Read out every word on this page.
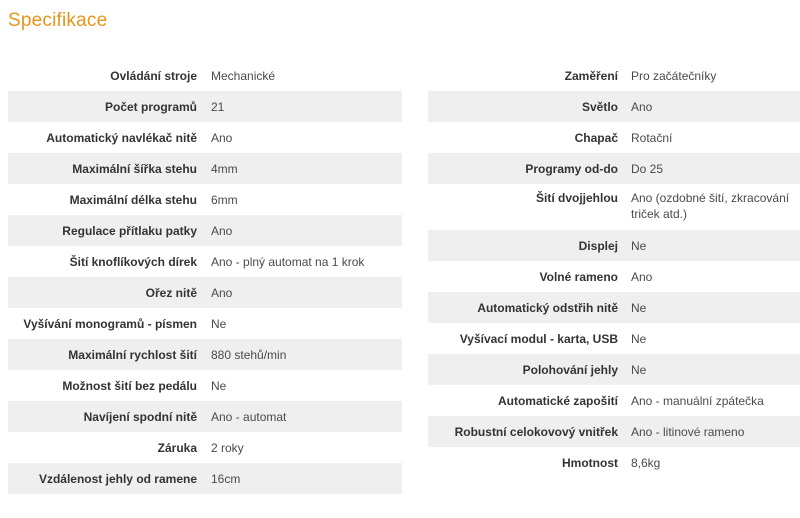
Specifikace
Ovládání stroje	Mechanické
Počet programů	21
Automatický navlékač nitě	Ano
Maximální šířka stehu	4mm
Maximální délka stehu	6mm
Regulace přítlaku patky	Ano
Šití knoflíkových dírek	Ano - plný automat na 1 krok
Ořez nitě	Ano
Vyšívání monogramů - písmen	Ne
Maximální rychlost šití	880 stehů/min
Možnost šití bez pedálu	Ne
Navíjení spodní nitě	Ano - automat
Záruka	2 roky
Vzdálenost jehly od ramene	16cm
Zaměření	Pro začátečníky
Světlo	Ano
Chapač	Rotační
Programy od-do	Do 25
Šití dvojjehlou	Ano (ozdobné šití, zkracování triček atd.)
Displej	Ne
Volné rameno	Ano
Automatický odstřih nitě	Ne
Vyšívací modul - karta, USB	Ne
Polohování jehly	Ne
Automatické zapošití	Ano - manuální zpátečka
Robustní celokovový vnitřek	Ano - litinové rameno
Hmotnost	8,6kg
